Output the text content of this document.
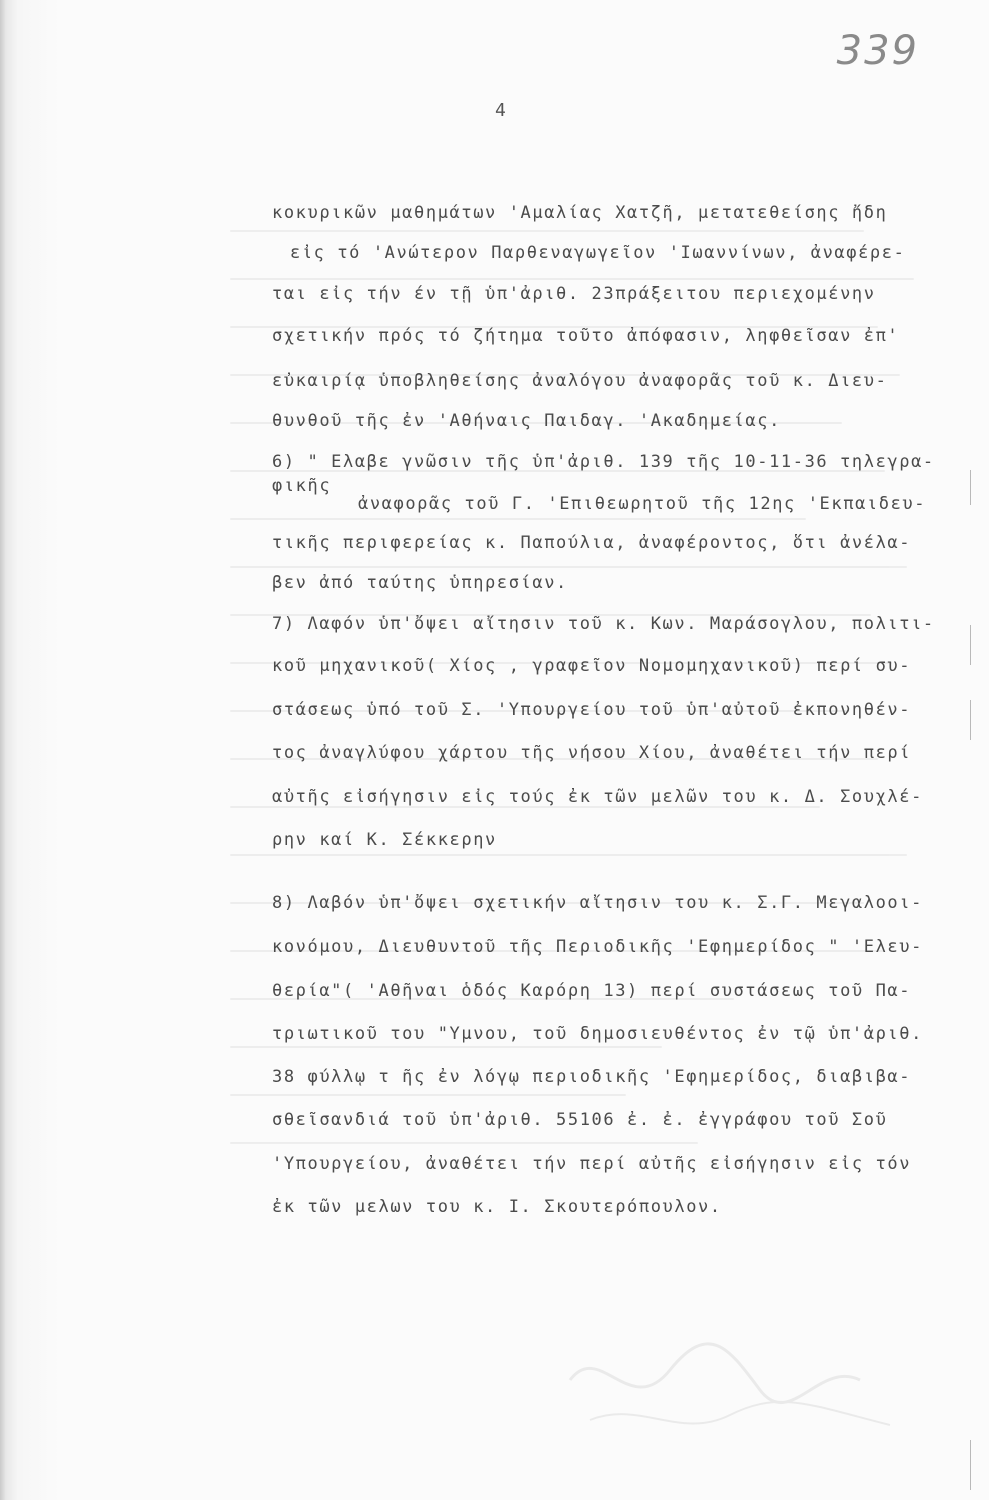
339
4
κοκυρικῶν μαθημάτων 'Αμαλίας Χατζῆ, μετατεθείσης ἤδη
εἰς τό 'Ανώτερον Παρθεναγωγεῖον 'Ιωαννίνων, ἀναφέρε-
ται εἰς τήν έν τῇ ὑπ'ἀριθ. 23πράξειτου περιεχομένην
σχετικήν πρός τό ζήτημα τοῦτο ἀπόφασιν, ληφθεῖσαν ἐπ'
εὐκαιρίᾳ ὑποβληθείσης ἀναλόγου ἀναφορᾶς τοῦ κ. Διευ-
θυνθοῦ τῆς ἐν 'Αθήναις Παιδαγ. 'Ακαδημείας.
6) " Ελαβε γνῶσιν τῆς ὑπ'ἀριθ. 139 τῆς 10-11-36 τηλεγρα-
φικῆς
ἀναφορᾶς τοῦ Γ. 'Επιθεωρητοῦ τῆς 12ης 'Εκπαιδευ-
τικῆς περιφερείας κ. Παπούλια, ἀναφέροντος, ὅτι ἀνέλα-
βεν ἀπό ταύτης ὑπηρεσίαν.
7) Λαφόν ὑπ'ὄψει αἴτησιν τοῦ κ. Κων. Μαράσογλου, πολιτι-
κοῦ μηχανικοῦ( Χίος , γραφεῖον Νομομηχανικοῦ) περί συ-
στάσεως ὑπό τοῦ Σ. 'Υπουργείου τοῦ ὑπ'αὐτοῦ ἐκπονηθέν-
τος ἀναγλύφου χάρτου τῆς νήσου Χίου, ἀναθέτει τήν περί
αὐτῆς εἰσήγησιν εἰς τούς ἐκ τῶν μελῶν του κ. Δ. Σουχλέ-
ρην καί Κ. Σέκκερην
8) Λαβόν ὑπ'ὄψει σχετικήν αἴτησιν του κ. Σ.Γ. Μεγαλοοι-
κονόμου, Διευθυντοῦ τῆς Περιοδικῆς 'Εφημερίδος " 'Ελευ-
θερία"( 'Αθῆναι ὁδός Καρόρη 13) περί συστάσεως τοῦ Πα-
τριωτικοῦ του "Υμνου, τοῦ δημοσιευθέντος ἐν τῷ ὑπ'ἀριθ.
38 φύλλῳ τ ῆς ἐν λόγῳ περιοδικῆς 'Εφημερίδος, διαβιβα-
σθεῖσανδιά τοῦ ὑπ'ἀριθ. 55106 ἐ. ἐ. ἐγγράφου τοῦ Σοῦ
'Υπουργείου, ἀναθέτει τήν περί αὐτῆς εἰσήγησιν εἰς τόν
ἐκ τῶν μελων του κ. Ι. Σκουτερόπουλον.
